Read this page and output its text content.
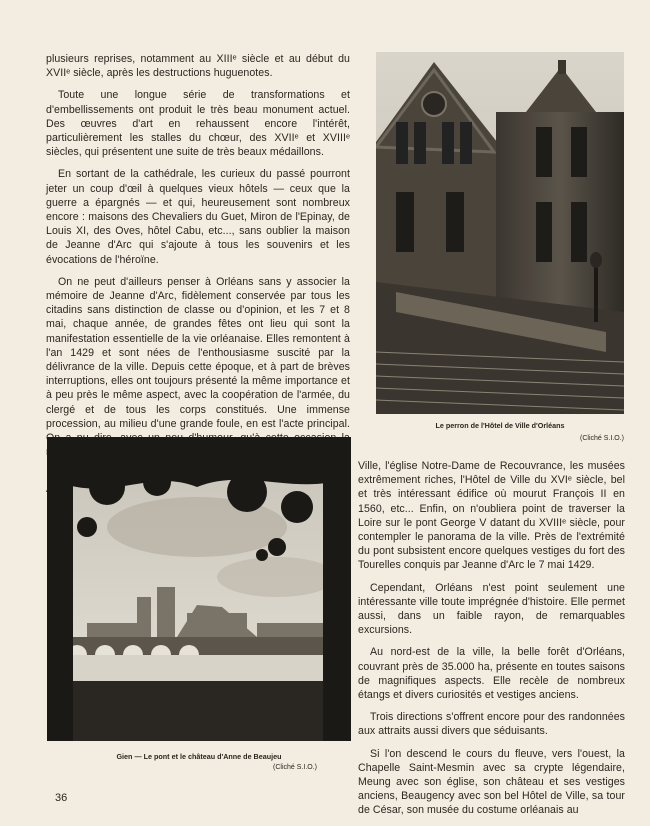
plusieurs reprises, notamment au XIIIᵉ siècle et au début du XVIIᵉ siècle, après les destructions huguenotes.

Toute une longue série de transformations et d'embellissements ont produit le très beau monument actuel. Des œuvres d'art en rehaussent encore l'intérêt, particulièrement les stalles du chœur, des XVIIᵉ et XVIIIᵉ siècles, qui présentent une suite de très beaux médaillons.

En sortant de la cathédrale, les curieux du passé pourront jeter un coup d'œil à quelques vieux hôtels — ceux que la guerre a épargnés — et qui, heureusement sont nombreux encore : maisons des Chevaliers du Guet, Miron de l'Epinay, de Louis XI, des Oves, hôtel Cabu, etc..., sans oublier la maison de Jeanne d'Arc qui s'ajoute à tous les souvenirs et les évocations de l'héroïne.

On ne peut d'ailleurs penser à Orléans sans y associer la mémoire de Jeanne d'Arc, fidèlement conservée par tous les citadins sans distinction de classe ou d'opinion, et les 7 et 8 mai, chaque année, de grandes fêtes ont lieu qui sont la manifestation essentielle de la vie orléanaise. Elles remontent à l'an 1429 et sont nées de l'enthousiasme suscité par la délivrance de la ville. Depuis cette époque, et à part de brèves interruptions, elles ont toujours présenté la même importance et à peu près le même aspect, avec la coopération de l'armée, du clergé et de tous les corps constitués. Une immense procession, au milieu d'une grande foule, en est l'acte principal.	Le perron de l'Hôtel de Ville d'Orléans
(Cliché S.I.O.)
Gien — Le pont et le château d'Anne de Beaujeu
(Cliché S.I.O.)

Ville, l'église Notre-Dame de Recouvrance, les musées extrêmement riches, l'Hôtel de Ville du XVIᵉ siècle, bel et très intéressant édifice où mourut François II en 1560, etc... Enfin, on n'oubliera point de traverser la Loire sur le pont George V datant du XVIIIᵉ siècle, pour contempler le panorama de la ville. Près de l'extrémité du pont subsistent encore quelques vestiges du fort des Tourelles conquis par Jeanne d'Arc le 7 mai 1429.

Cependant, Orléans n'est point seulement une intéressante ville toute imprégnée d'histoire. Elle permet aussi, dans un faible rayon, de remarquables excursions.

Au nord-est de la ville, la belle forêt d'Orléans, couvrant près de 35.000 ha, présente en toutes saisons de magnifiques aspects. Elle recèle de nombreux étangs et divers curiosités et vestiges anciens.

Trois directions s'offrent encore pour des randonnées aux attraits aussi divers que séduisants.

Si l'on descend le cours du fleuve, vers l'ouest, la Chapelle Saint-Mesmin avec sa crypte légendaire, Meung avec son église, son château et ses vestiges anciens, Beaugency avec son bel Hôtel de Ville, sa tour de César, son musée du costume orléanais au

36
